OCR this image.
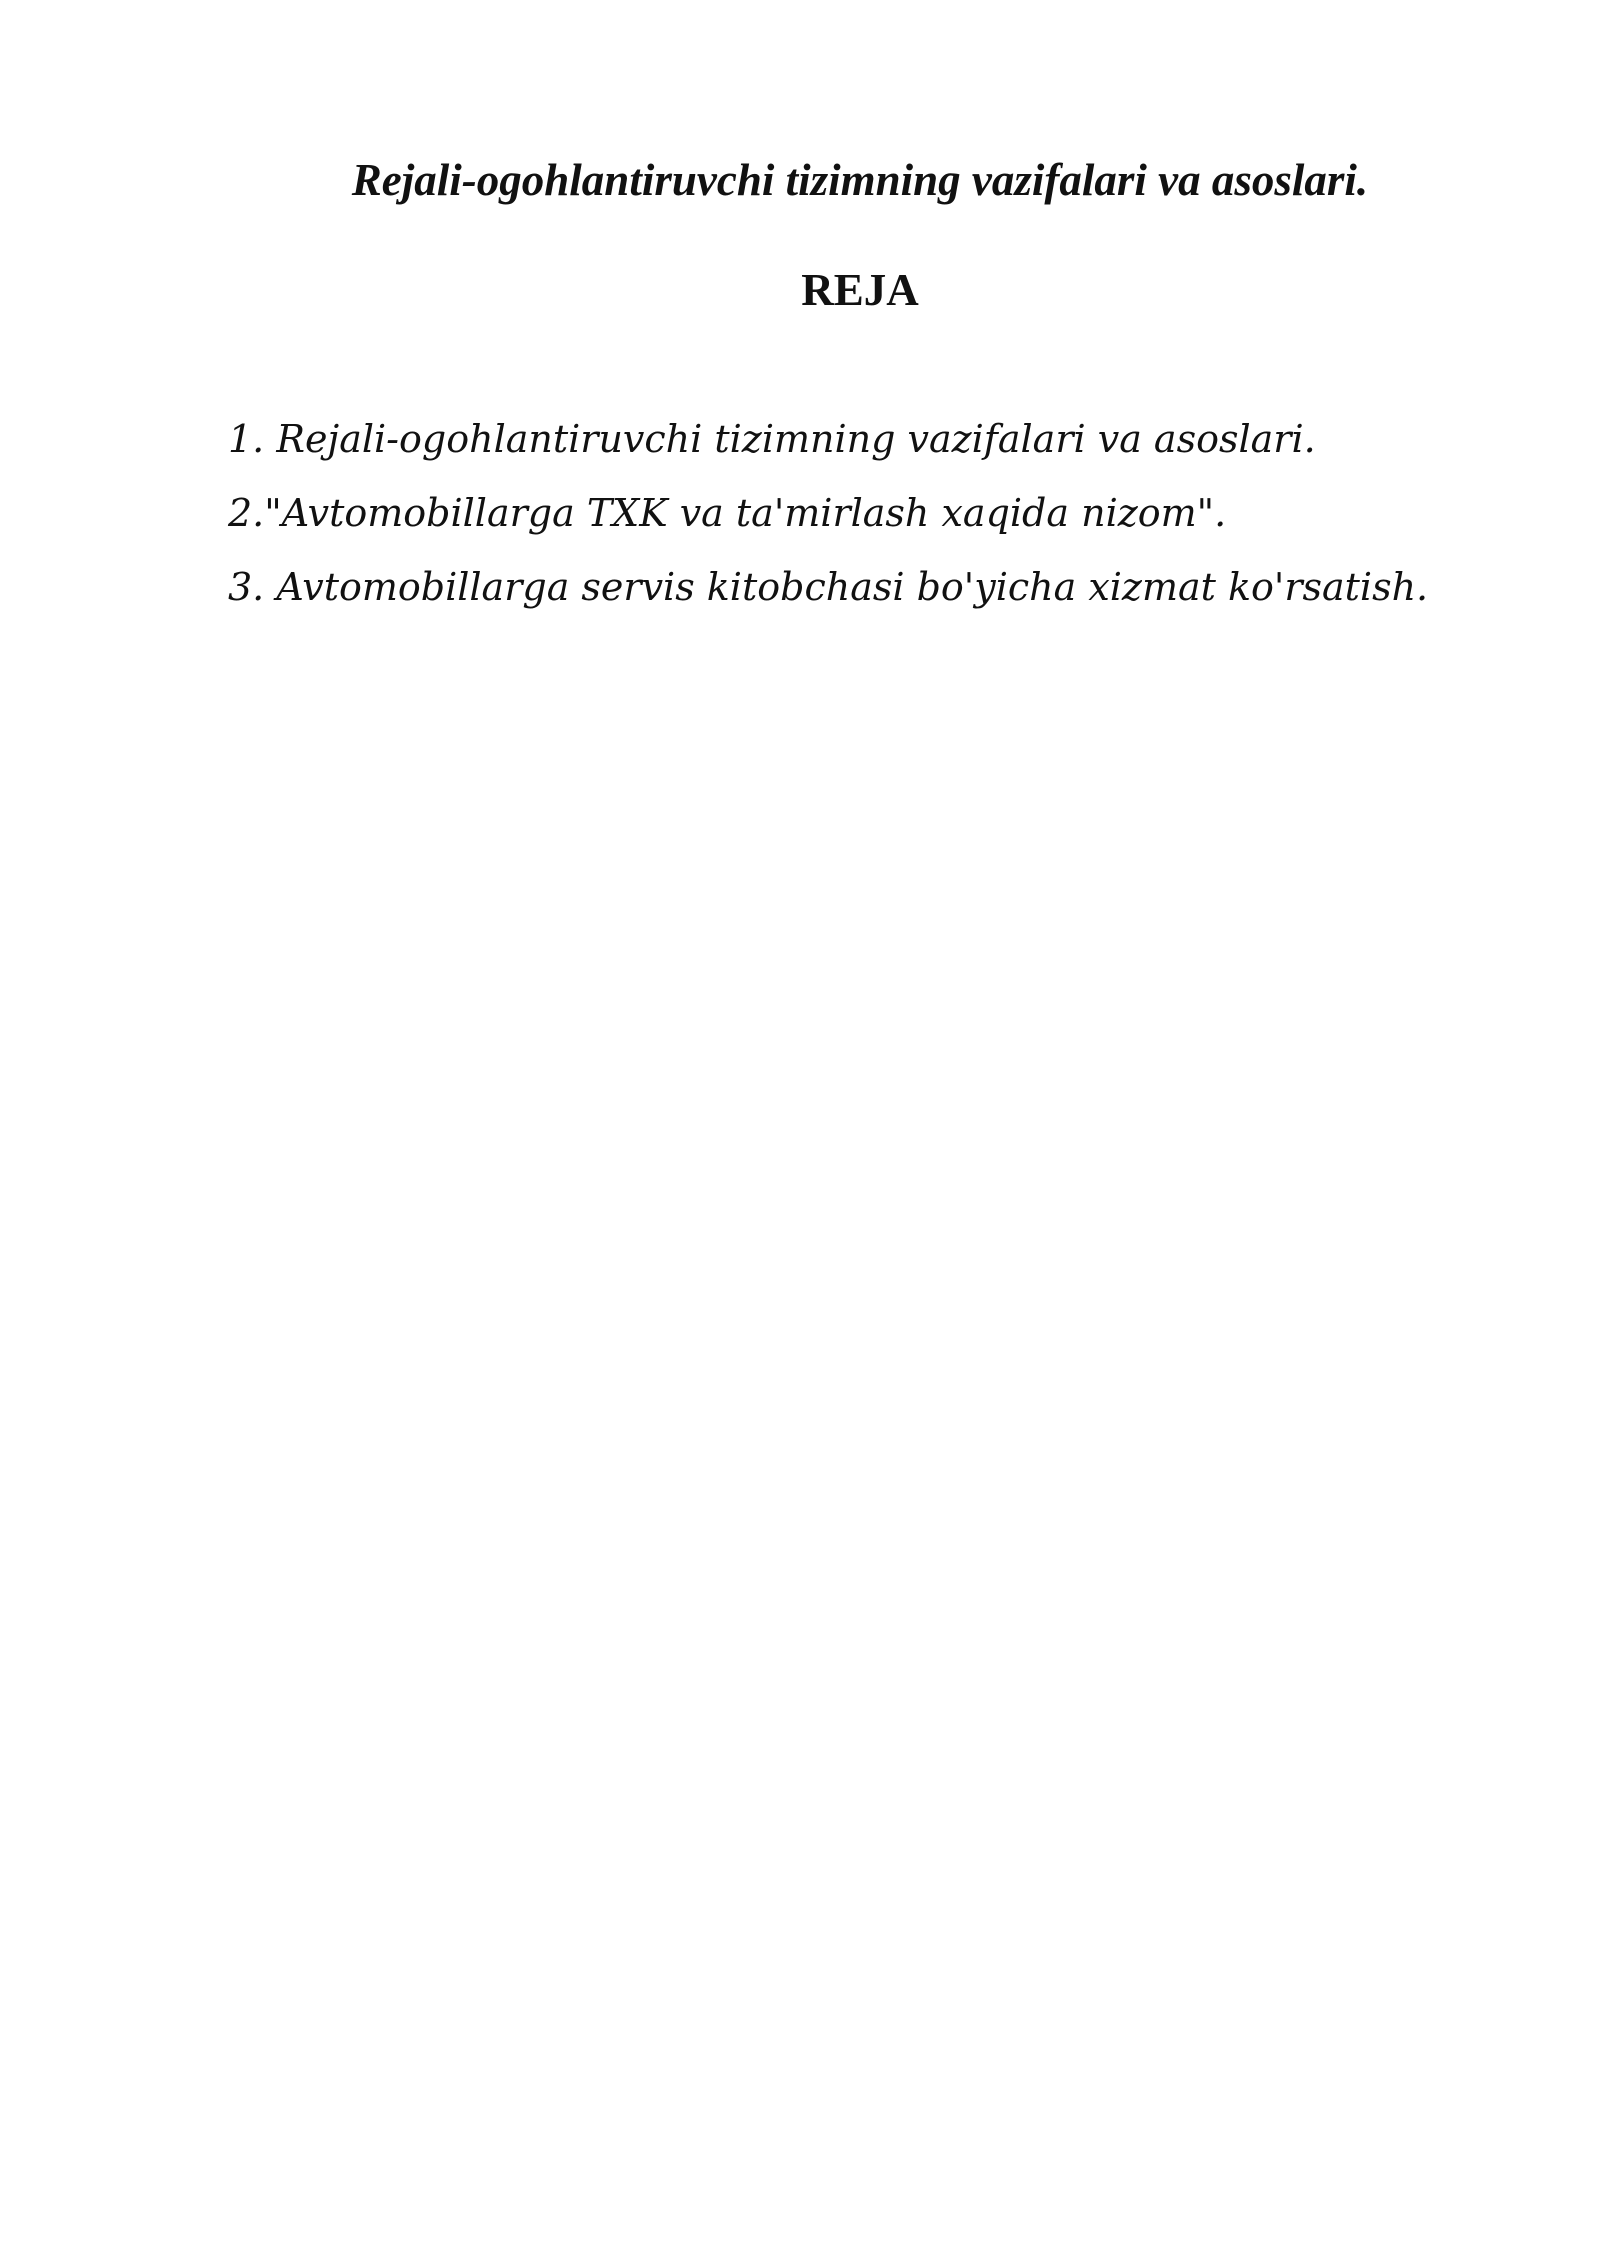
Rejali-ogohlantiruvchi tizimning vazifalari va asoslari.
REJA
1. Rejali-ogohlantiruvchi tizimning vazifalari va asoslari.
2."Avtomobillarga TXK va ta'mirlash xaqida nizom".
3. Avtomobillarga servis kitobchasi bo'yicha xizmat ko'rsatish.
